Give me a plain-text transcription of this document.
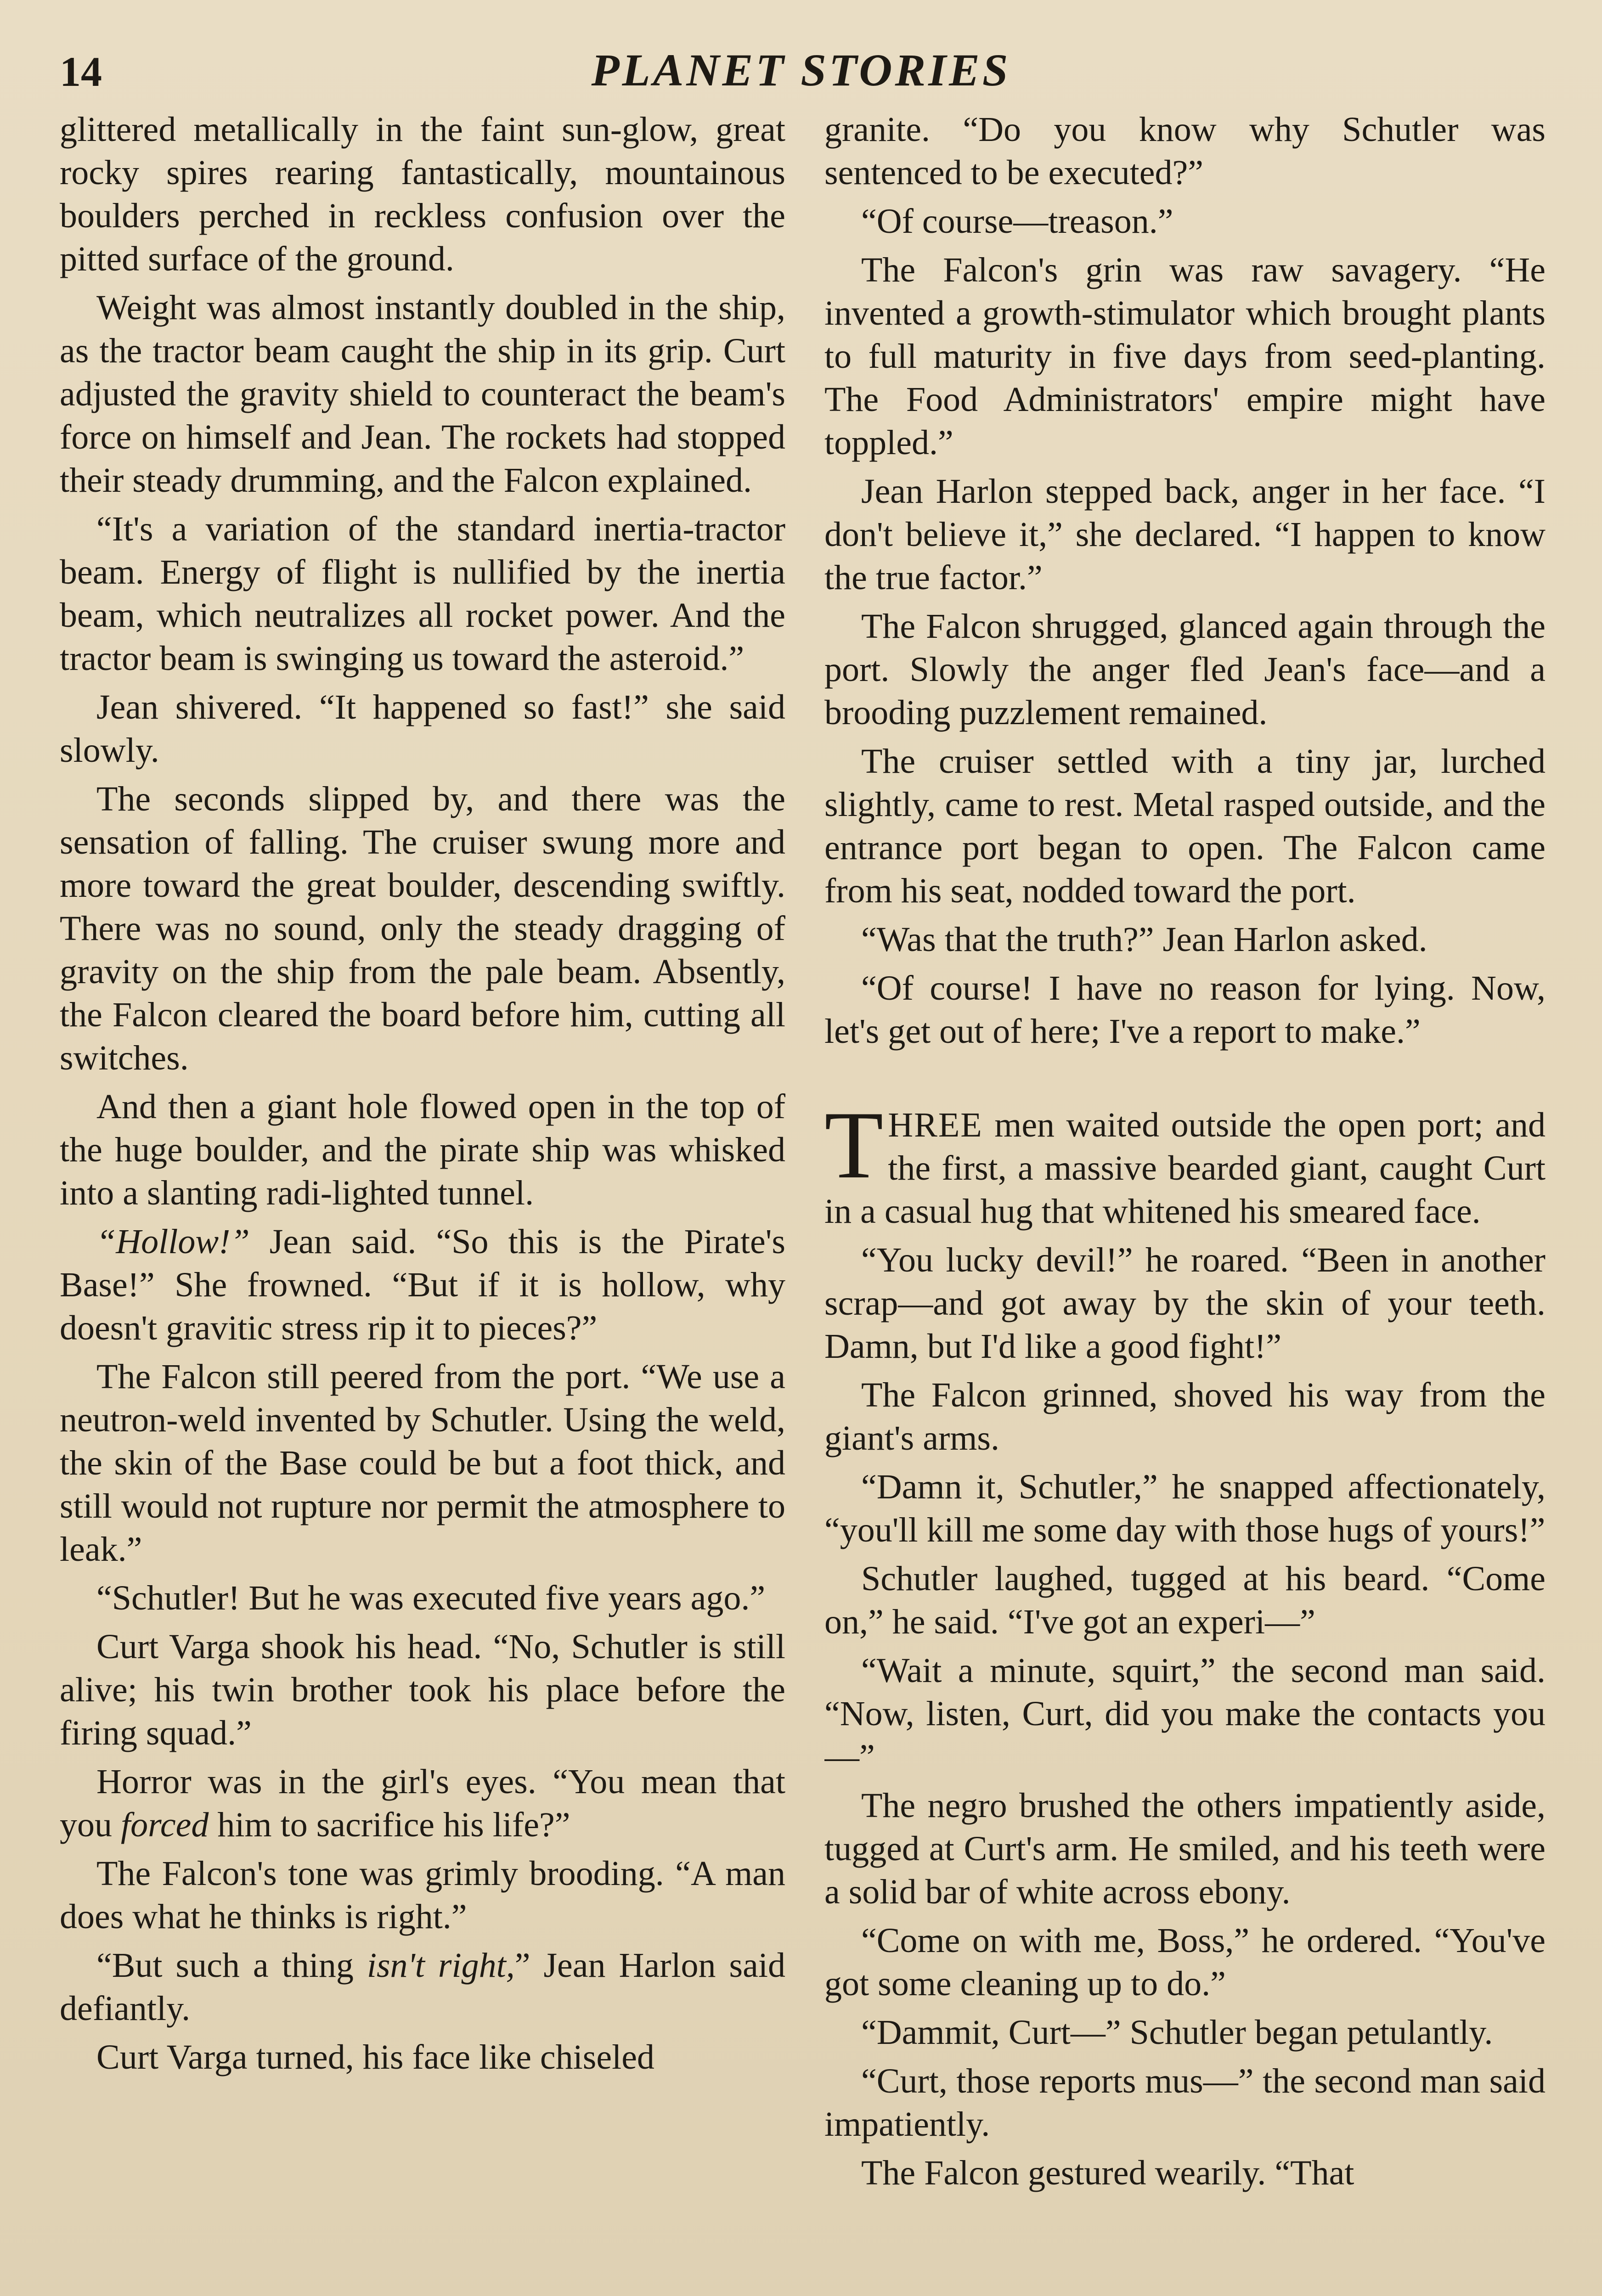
14	PLANET STORIES

glittered metallically in the faint sun-glow, great rocky spires rearing fantastically, mountainous boulders perched in reckless confusion over the pitted surface of the ground.

Weight was almost instantly doubled in the ship, as the tractor beam caught the ship in its grip. Curt adjusted the gravity shield to counteract the beam's force on himself and Jean. The rockets had stopped their steady drumming, and the Falcon explained.

“It's a variation of the standard inertia-tractor beam. Energy of flight is nullified by the inertia beam, which neutralizes all rocket power. And the tractor beam is swinging us toward the asteroid.”

Jean shivered. “It happened so fast!” she said slowly.

The seconds slipped by, and there was the sensation of falling. The cruiser swung more and more toward the great boulder, descending swiftly. There was no sound, only the steady dragging of gravity on the ship from the pale beam. Absently, the Falcon cleared the board before him, cutting all switches.

And then a giant hole flowed open in the top of the huge boulder, and the pirate ship was whisked into a slanting radi-lighted tunnel.

“Hollow!” Jean said. “So this is the Pirate's Base!” She frowned. “But if it is hollow, why doesn't gravitic stress rip it to pieces?”

The Falcon still peered from the port. “We use a neutron-weld invented by Schutler. Using the weld, the skin of the Base could be but a foot thick, and still would not rupture nor permit the atmosphere to leak.”

“Schutler! But he was executed five years ago.”

Curt Varga shook his head. “No, Schutler is still alive; his twin brother took his place before the firing squad.”

Horror was in the girl's eyes. “You mean that you forced him to sacrifice his life?”

The Falcon's tone was grimly brooding. “A man does what he thinks is right.”

“But such a thing isn't right,” Jean Harlon said defiantly.

Curt Varga turned, his face like chiseled

granite. “Do you know why Schutler was sentenced to be executed?”

“Of course—treason.”

The Falcon's grin was raw savagery. “He invented a growth-stimulator which brought plants to full maturity in five days from seed-planting. The Food Administrators' empire might have toppled.”

Jean Harlon stepped back, anger in her face. “I don't believe it,” she declared. “I happen to know the true factor.”

The Falcon shrugged, glanced again through the port. Slowly the anger fled Jean's face—and a brooding puzzlement remained.

The cruiser settled with a tiny jar, lurched slightly, came to rest. Metal rasped outside, and the entrance port began to open. The Falcon came from his seat, nodded toward the port.

“Was that the truth?” Jean Harlon asked.

“Of course! I have no reason for lying. Now, let's get out of here; I've a report to make.”

THREE men waited outside the open port; and the first, a massive bearded giant, caught Curt in a casual hug that whitened his smeared face.

“You lucky devil!” he roared. “Been in another scrap—and got away by the skin of your teeth. Damn, but I'd like a good fight!”

The Falcon grinned, shoved his way from the giant's arms.

“Damn it, Schutler,” he snapped affectionately, “you'll kill me some day with those hugs of yours!”

Schutler laughed, tugged at his beard. “Come on,” he said. “I've got an experi—”

“Wait a minute, squirt,” the second man said. “Now, listen, Curt, did you make the contacts you—”

The negro brushed the others impatiently aside, tugged at Curt's arm. He smiled, and his teeth were a solid bar of white across ebony.

“Come on with me, Boss,” he ordered. “You've got some cleaning up to do.”

“Dammit, Curt—” Schutler began petulantly.

“Curt, those reports mus—” the second man said impatiently.

The Falcon gestured wearily. “That
